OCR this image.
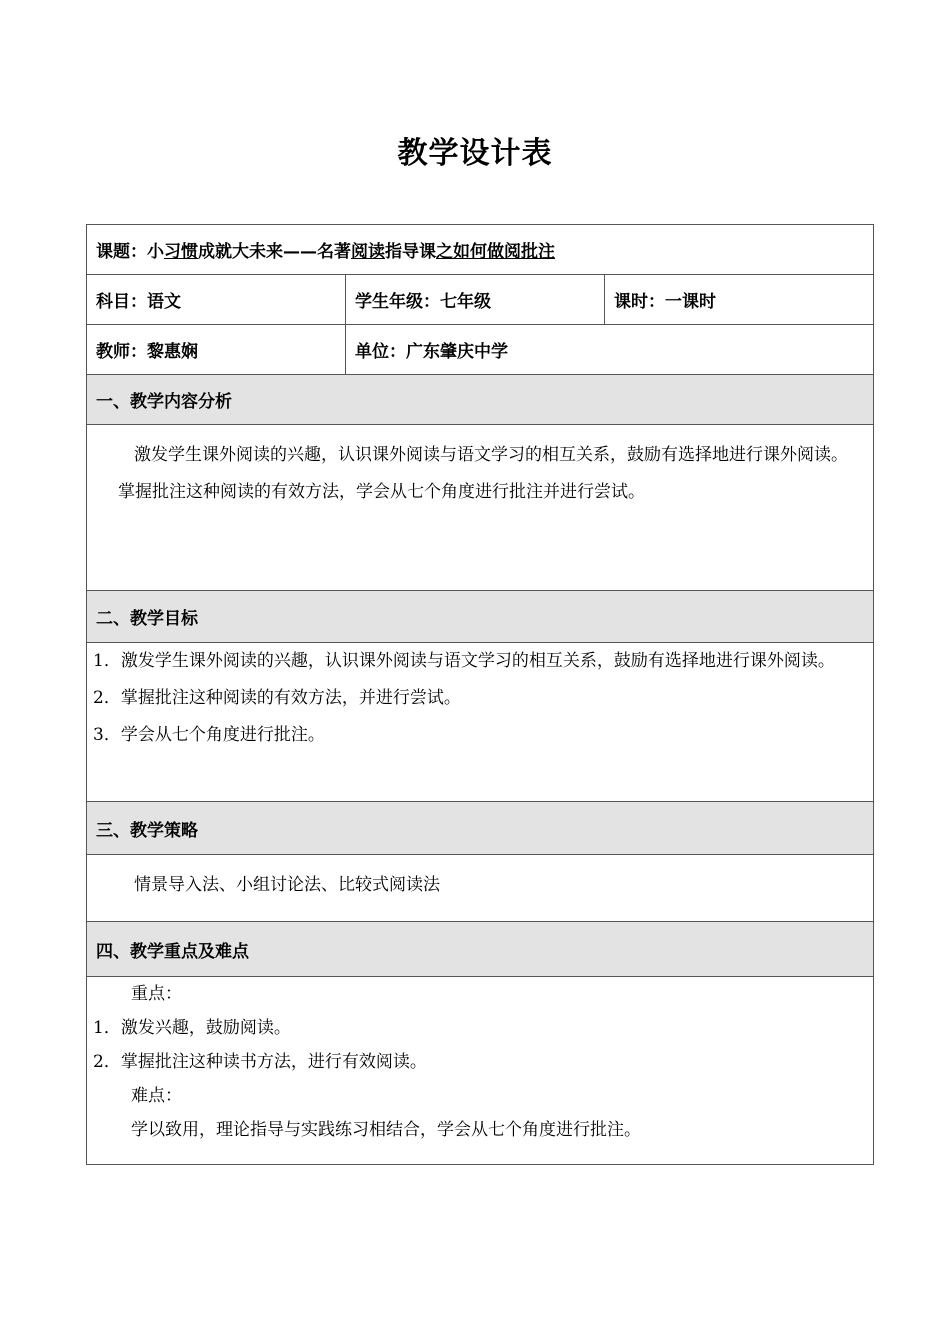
教学设计表
课题：小习惯成就大未来——名著阅读指导课之如何做阅批注		
科目：语文	学生年级：七年级	课时：一课时
教师：黎惠娴	单位：广东肇庆中学	
一、教学内容分析		

激发学生课外阅读的兴趣，认识课外阅读与语文学习的相互关系，鼓励有选择地进行课外阅读。

掌握批注这种阅读的有效方法，学会从七个角度进行批注并进行尝试。		

二、教学目标		

1．激发学生课外阅读的兴趣，认识课外阅读与语文学习的相互关系，鼓励有选择地进行课外阅读。

2．掌握批注这种阅读的有效方法，并进行尝试。

3．学会从七个角度进行批注。		

三、教学策略		

情景导入法、小组讨论法、比较式阅读法		

四、教学重点及难点		

重点：

1．激发兴趣，鼓励阅读。

2．掌握批注这种读书方法，进行有效阅读。

难点：

学以致用，理论指导与实践练习相结合，学会从七个角度进行批注。		
